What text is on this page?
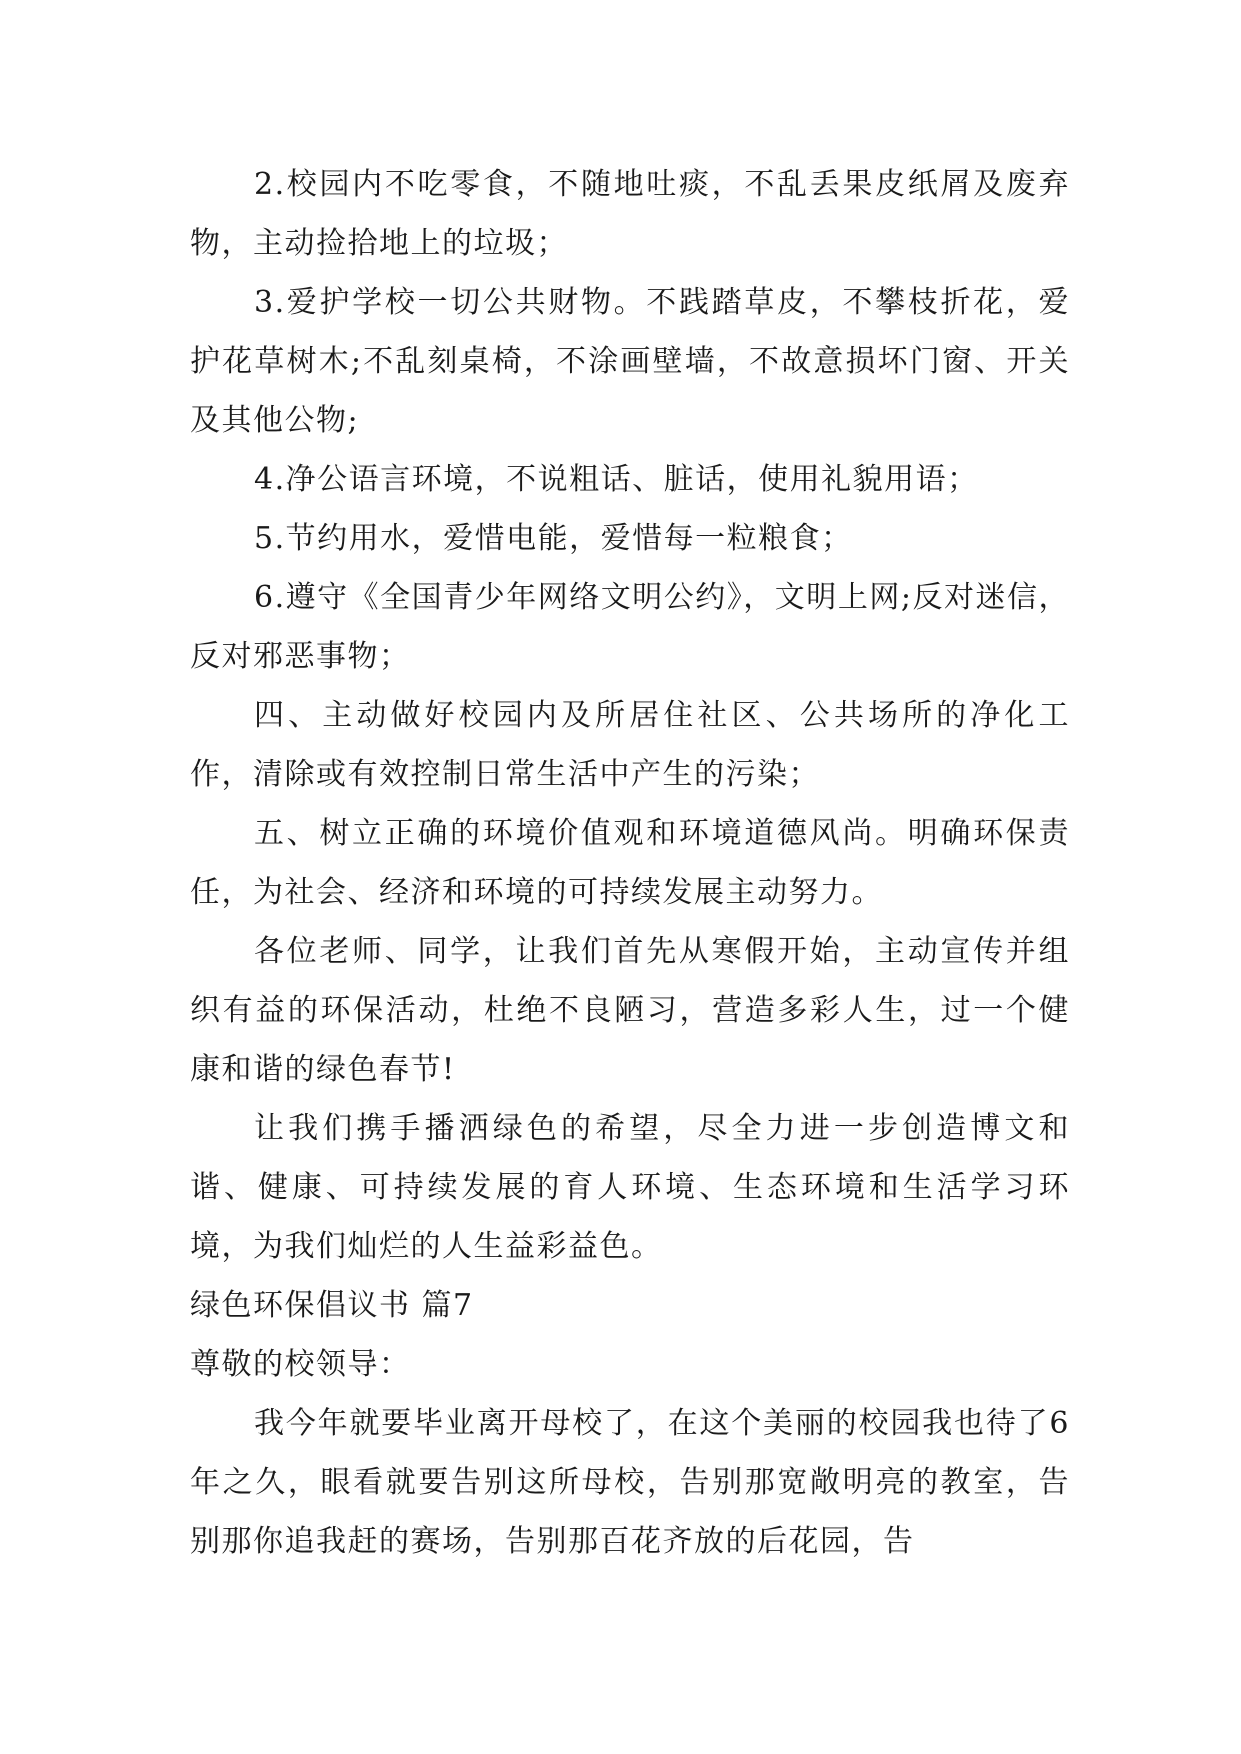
2.校园内不吃零食，不随地吐痰，不乱丢果皮纸屑及废弃物，主动捡拾地上的垃圾；

3.爱护学校一切公共财物。不践踏草皮，不攀枝折花，爱护花草树木;不乱刻桌椅，不涂画壁墙，不故意损坏门窗、开关及其他公物;

4.净公语言环境，不说粗话、脏话，使用礼貌用语；

5.节约用水，爱惜电能，爱惜每一粒粮食；

6.遵守《全国青少年网络文明公约》，文明上网;反对迷信，反对邪恶事物；

四、主动做好校园内及所居住社区、公共场所的净化工作，清除或有效控制日常生活中产生的污染；

五、树立正确的环境价值观和环境道德风尚。明确环保责任，为社会、经济和环境的可持续发展主动努力。

各位老师、同学，让我们首先从寒假开始，主动宣传并组织有益的环保活动，杜绝不良陋习，营造多彩人生，过一个健康和谐的绿色春节!

让我们携手播洒绿色的希望，尽全力进一步创造博文和谐、健康、可持续发展的育人环境、生态环境和生活学习环境，为我们灿烂的人生益彩益色。

绿色环保倡议书 篇7

尊敬的校领导：

我今年就要毕业离开母校了，在这个美丽的校园我也待了6年之久，眼看就要告别这所母校，告别那宽敞明亮的教室，告别那你追我赶的赛场，告别那百花齐放的后花园，告
